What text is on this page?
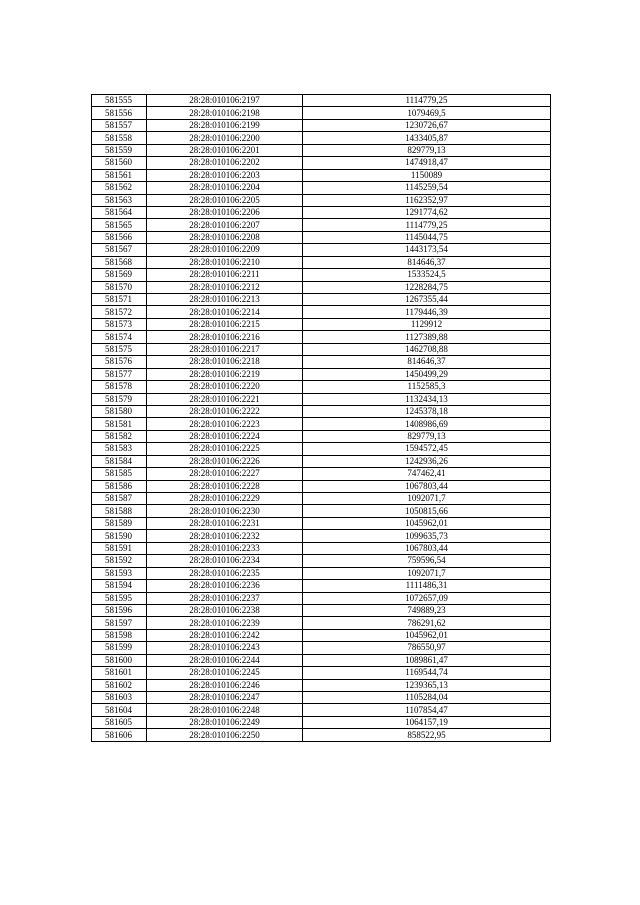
581555	28:28:010106:2197	1114779,25
581556	28:28:010106:2198	1079469,5
581557	28:28:010106:2199	1230726,67
581558	28:28:010106:2200	1433405,87
581559	28:28:010106:2201	829779,13
581560	28:28:010106:2202	1474918,47
581561	28:28:010106:2203	1150089
581562	28:28:010106:2204	1145259,54
581563	28:28:010106:2205	1162352,97
581564	28:28:010106:2206	1291774,62
581565	28:28:010106:2207	1114779,25
581566	28:28:010106:2208	1145044,75
581567	28:28:010106:2209	1443173,54
581568	28:28:010106:2210	814646,37
581569	28:28:010106:2211	1533524,5
581570	28:28:010106:2212	1228284,75
581571	28:28:010106:2213	1267355,44
581572	28:28:010106:2214	1179446,39
581573	28:28:010106:2215	1129912
581574	28:28:010106:2216	1127389,88
581575	28:28:010106:2217	1462708,88
581576	28:28:010106:2218	814646,37
581577	28:28:010106:2219	1450499,29
581578	28:28:010106:2220	1152585,3
581579	28:28:010106:2221	1132434,13
581580	28:28:010106:2222	1245378,18
581581	28:28:010106:2223	1408986,69
581582	28:28:010106:2224	829779,13
581583	28:28:010106:2225	1594572,45
581584	28:28:010106:2226	1242936,26
581585	28:28:010106:2227	747462,41
581586	28:28:010106:2228	1067803,44
581587	28:28:010106:2229	1092071,7
581588	28:28:010106:2230	1050815,66
581589	28:28:010106:2231	1045962,01
581590	28:28:010106:2232	1099635,73
581591	28:28:010106:2233	1067803,44
581592	28:28:010106:2234	759596,54
581593	28:28:010106:2235	1092071,7
581594	28:28:010106:2236	1111486,31
581595	28:28:010106:2237	1072657,09
581596	28:28:010106:2238	749889,23
581597	28:28:010106:2239	786291,62
581598	28:28:010106:2242	1045962,01
581599	28:28:010106:2243	786550,97
581600	28:28:010106:2244	1089861,47
581601	28:28:010106:2245	1169544,74
581602	28:28:010106:2246	1239365,13
581603	28:28:010106:2247	1105284,04
581604	28:28:010106:2248	1107854,47
581605	28:28:010106:2249	1064157,19
581606	28:28:010106:2250	858522,95
